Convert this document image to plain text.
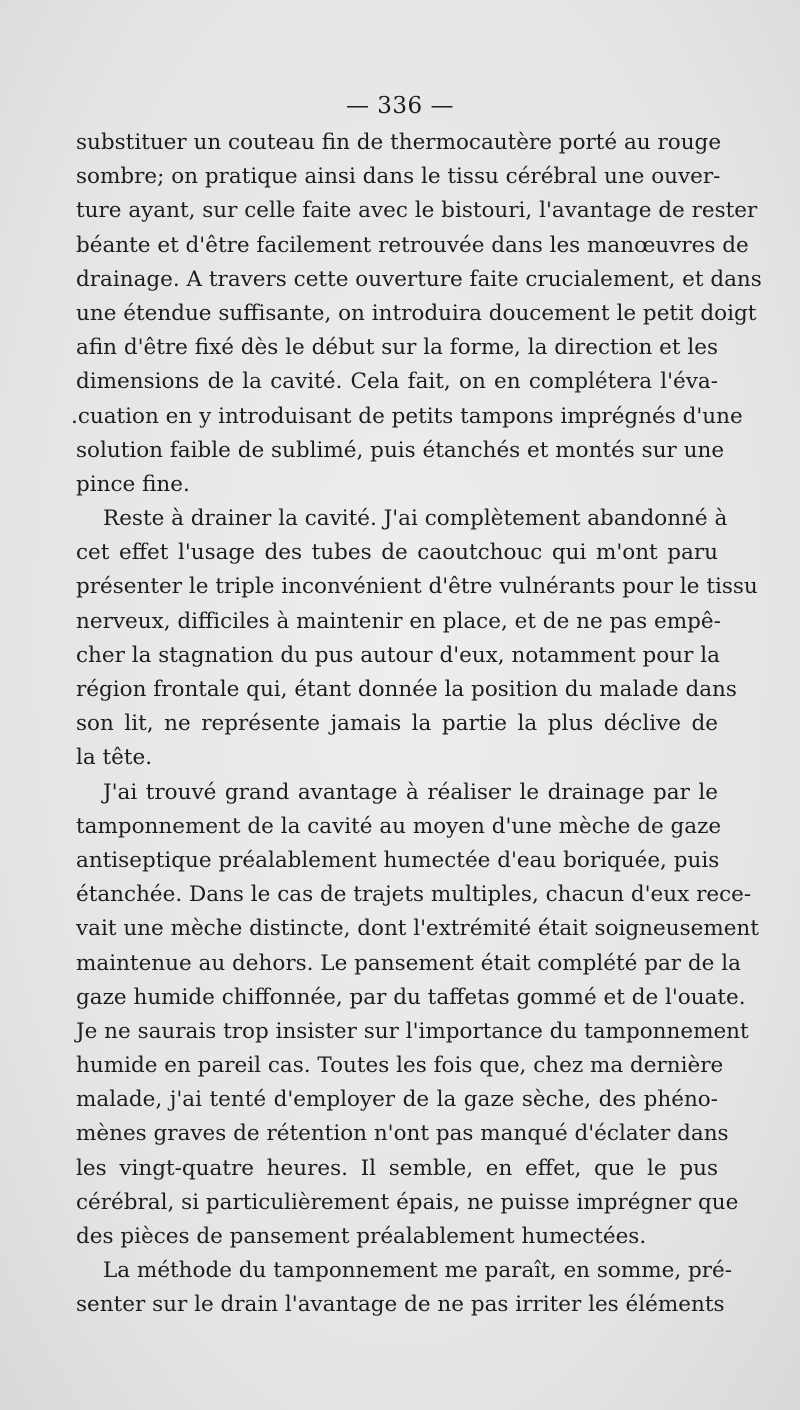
— 336 —
substituer un couteau fin de thermocautère porté au rouge
sombre; on pratique ainsi dans le tissu cérébral une ouver-
ture ayant, sur celle faite avec le bistouri, l'avantage de rester
béante et d'être facilement retrouvée dans les manœuvres de
drainage. A travers cette ouverture faite crucialement, et dans
une étendue suffisante, on introduira doucement le petit doigt
afin d'être fixé dès le début sur la forme, la direction et les
dimensions de la cavité. Cela fait, on en complétera l'éva-
.cuation en y introduisant de petits tampons imprégnés d'une
solution faible de sublimé, puis étanchés et montés sur une
pince fine.
Reste à drainer la cavité. J'ai complètement abandonné à
cet effet l'usage des tubes de caoutchouc qui m'ont paru
présenter le triple inconvénient d'être vulnérants pour le tissu
nerveux, difficiles à maintenir en place, et de ne pas empê-
cher la stagnation du pus autour d'eux, notamment pour la
région frontale qui, étant donnée la position du malade dans
son lit, ne représente jamais la partie la plus déclive de
la tête.
J'ai trouvé grand avantage à réaliser le drainage par le
tamponnement de la cavité au moyen d'une mèche de gaze
antiseptique préalablement humectée d'eau boriquée, puis
étanchée. Dans le cas de trajets multiples, chacun d'eux rece-
vait une mèche distincte, dont l'extrémité était soigneusement
maintenue au dehors. Le pansement était complété par de la
gaze humide chiffonnée, par du taffetas gommé et de l'ouate.
Je ne saurais trop insister sur l'importance du tamponnement
humide en pareil cas. Toutes les fois que, chez ma dernière
malade, j'ai tenté d'employer de la gaze sèche, des phéno-
mènes graves de rétention n'ont pas manqué d'éclater dans
les vingt-quatre heures. Il semble, en effet, que le pus
cérébral, si particulièrement épais, ne puisse imprégner que
des pièces de pansement préalablement humectées.
La méthode du tamponnement me paraît, en somme, pré-
senter sur le drain l'avantage de ne pas irriter les éléments
